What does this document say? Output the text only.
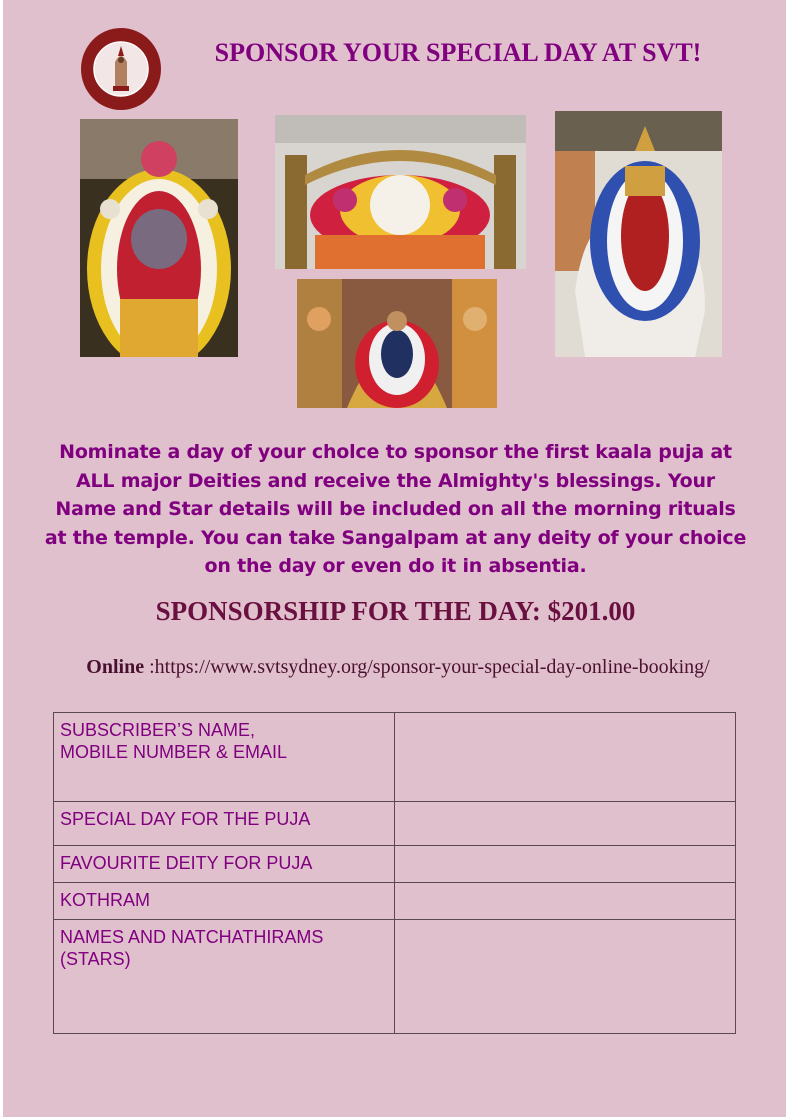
SPONSOR YOUR SPECIAL DAY AT SVT!
Nominate a day of your cholce to sponsor the first kaala puja at ALL major Deities and receive the Almighty's blessings. Your Name and Star details will be included on all the morning rituals at the temple. You can take Sangalpam at any deity of your choice on the day or even do it in absentia.
SPONSORSHIP FOR THE DAY: $201.00
Online :https://www.svtsydney.org/sponsor-your-special-day-online-booking/
SUBSCRIBER’S NAME,
MOBILE NUMBER & EMAIL	

SPECIAL DAY FOR THE PUJA	

FAVOURITE DEITY FOR PUJA	

KOTHRAM	

NAMES AND NATCHATHIRAMS
(STARS)	
